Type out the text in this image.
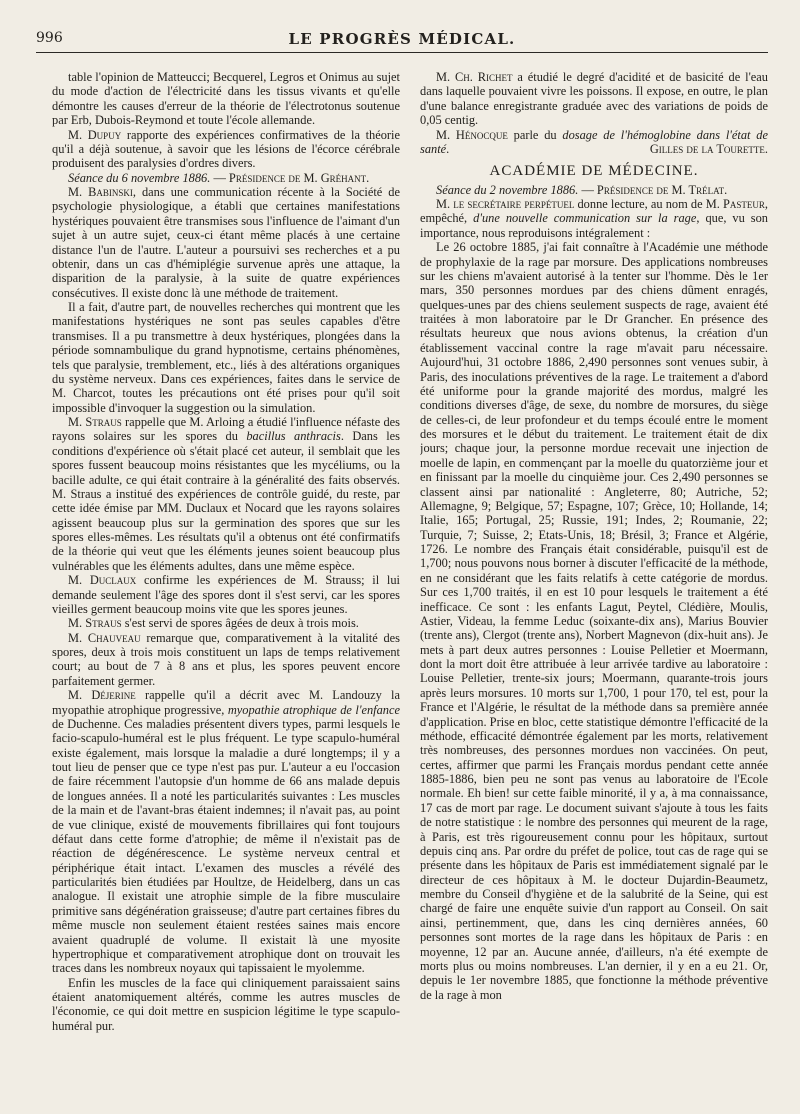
996	LE PROGRÈS MÉDICAL.

table l'opinion de Matteucci; Becquerel, Legros et Onimus au sujet du mode d'action de l'électricité dans les tissus vivants et qu'elle démontre les causes d'erreur de la théorie de l'électrotonus soutenue par Erb, Dubois-Reymond et toute l'école allemande.

M. Dupuy rapporte des expériences confirmatives de la théorie qu'il a déjà soutenue, à savoir que les lésions de l'écorce cérébrale produisent des paralysies d'ordres divers.

Séance du 6 novembre 1886. — Présidence de M. Gréhant.

M. Babinski, dans une communication récente à la Société de psychologie physiologique, a établi que certaines manifestations hystériques pouvaient être transmises sous l'influence de l'aimant d'un sujet à un autre sujet, ceux-ci étant même placés à une certaine distance l'un de l'autre. L'auteur a poursuivi ses recherches et a pu obtenir, dans un cas d'hémiplégie survenue après une attaque, la disparition de la paralysie, à la suite de quatre expériences consécutives. Il existe donc là une méthode de traitement.

Il a fait, d'autre part, de nouvelles recherches qui montrent que les manifestations hystériques ne sont pas seules capables d'être transmises. Il a pu transmettre à deux hystériques, plongées dans la période somnambulique du grand hypnotisme, certains phénomènes, tels que paralysie, tremblement, etc., liés à des altérations organiques du système nerveux. Dans ces expériences, faites dans le service de M. Charcot, toutes les précautions ont été prises pour qu'il soit impossible d'invoquer la suggestion ou la simulation.

M. Straus rappelle que M. Arloing a étudié l'influence néfaste des rayons solaires sur les spores du bacillus anthracis. Dans les conditions d'expérience où s'était placé cet auteur, il semblait que les spores fussent beaucoup moins résistantes que les mycéliums, ou la bacille adulte, ce qui était contraire à la généralité des faits observés. M. Straus a institué des expériences de contrôle guidé, du reste, par cette idée émise par MM. Duclaux et Nocard que les rayons solaires agissent beaucoup plus sur la germination des spores que sur les spores elles-mêmes. Les résultats qu'il a obtenus ont été confirmatifs de la théorie qui veut que les éléments jeunes soient beaucoup plus vulnérables que les éléments adultes, dans une même espèce.

M. Duclaux confirme les expériences de M. Strauss; il lui demande seulement l'âge des spores dont il s'est servi, car les spores vieilles germent beaucoup moins vite que les spores jeunes.

M. Straus s'est servi de spores âgées de deux à trois mois.

M. Chauveau remarque que, comparativement à la vitalité des spores, deux à trois mois constituent un laps de temps relativement court; au bout de 7 à 8 ans et plus, les spores peuvent encore parfaitement germer.

M. Déjerine rappelle qu'il a décrit avec M. Landouzy la myopathie atrophique progressive, myopathie atrophique de l'enfance de Duchenne. Ces maladies présentent divers types, parmi lesquels le facio-scapulo-huméral est le plus fréquent. Le type scapulo-huméral existe également, mais lorsque la maladie a duré longtemps; il y a tout lieu de penser que ce type n'est pas pur. L'auteur a eu l'occasion de faire récemment l'autopsie d'un homme de 66 ans malade depuis de longues années. Il a noté les particularités suivantes : Les muscles de la main et de l'avant-bras étaient indemnes; il n'avait pas, au point de vue clinique, existé de mouvements fibrillaires qui font toujours défaut dans cette forme d'atrophie; de même il n'existait pas de réaction de dégénérescence. Le système nerveux central et périphérique était intact. L'examen des muscles a révélé des particularités bien étudiées par Houltze, de Heidelberg, dans un cas analogue. Il existait une atrophie simple de la fibre musculaire primitive sans dégénération graisseuse; d'autre part certaines fibres du même muscle non seulement étaient restées saines mais encore avaient quadruplé de volume. Il existait là une myosite hypertrophique et comparativement atrophique dont on trouvait les traces dans les nombreux noyaux qui tapissaient le myolemme.

Enfin les muscles de la face qui cliniquement paraissaient sains étaient anatomiquement altérés, comme les autres muscles de l'économie, ce qui doit mettre en suspicion légitime le type scapulo-huméral pur.

M. Ch. Richet a étudié le degré d'acidité et de basicité de l'eau dans laquelle pouvaient vivre les poissons. Il expose, en outre, le plan d'une balance enregistrante graduée avec des variations de poids de 0,05 centig.

M. Hénocque parle du dosage de l'hémoglobine dans l'état de santé.	Gilles de la Tourette.

ACADÉMIE DE MÉDECINE.

Séance du 2 novembre 1886. — Présidence de M. Trélat.

M. le secrétaire perpétuel donne lecture, au nom de M. Pasteur, empêché, d'une nouvelle communication sur la rage, que, vu son importance, nous reproduisons intégralement :

Le 26 octobre 1885, j'ai fait connaître à l'Académie une méthode de prophylaxie de la rage par morsure. Des applications nombreuses sur les chiens m'avaient autorisé à la tenter sur l'homme. Dès le 1er mars, 350 personnes mordues par des chiens dûment enragés, quelques-unes par des chiens seulement suspects de rage, avaient été traitées à mon laboratoire par le Dr Grancher. En présence des résultats heureux que nous avions obtenus, la création d'un établissement vaccinal contre la rage m'avait paru nécessaire. Aujourd'hui, 31 octobre 1886, 2,490 personnes sont venues subir, à Paris, des inoculations préventives de la rage. Le traitement a d'abord été uniforme pour la grande majorité des mordus, malgré les conditions diverses d'âge, de sexe, du nombre de morsures, du siège de celles-ci, de leur profondeur et du temps écoulé entre le moment des morsures et le début du traitement. Le traitement était de dix jours; chaque jour, la personne mordue recevait une injection de moelle de lapin, en commençant par la moelle du quatorzième jour et en finissant par la moelle du cinquième jour. Ces 2,490 personnes se classent ainsi par nationalité : Angleterre, 80; Autriche, 52; Allemagne, 9; Belgique, 57; Espagne, 107; Grèce, 10; Hollande, 14; Italie, 165; Portugal, 25; Russie, 191; Indes, 2; Roumanie, 22; Turquie, 7; Suisse, 2; Etats-Unis, 18; Brésil, 3; France et Algérie, 1726. Le nombre des Français était considérable, puisqu'il est de 1,700; nous pouvons nous borner à discuter l'efficacité de la méthode, en ne considérant que les faits relatifs à cette catégorie de mordus. Sur ces 1,700 traités, il en est 10 pour lesquels le traitement a été inefficace. Ce sont : les enfants Lagut, Peytel, Clédière, Moulis, Astier, Videau, la femme Leduc (soixante-dix ans), Marius Bouvier (trente ans), Clergot (trente ans), Norbert Magnevon (dix-huit ans). Je mets à part deux autres personnes : Louise Pelletier et Moermann, dont la mort doit être attribuée à leur arrivée tardive au laboratoire : Louise Pelletier, trente-six jours; Moermann, quarante-trois jours après leurs morsures. 10 morts sur 1,700, 1 pour 170, tel est, pour la France et l'Algérie, le résultat de la méthode dans sa première année d'application. Prise en bloc, cette statistique démontre l'efficacité de la méthode, efficacité démontrée également par les morts, relativement très nombreuses, des personnes mordues non vaccinées. On peut, certes, affirmer que parmi les Français mordus pendant cette année 1885-1886, bien peu ne sont pas venus au laboratoire de l'Ecole normale. Eh bien! sur cette faible minorité, il y a, à ma connaissance, 17 cas de mort par rage. Le document suivant s'ajoute à tous les faits de notre statistique : le nombre des personnes qui meurent de la rage, à Paris, est très rigoureusement connu pour les hôpitaux, surtout depuis cinq ans. Par ordre du préfet de police, tout cas de rage qui se présente dans les hôpitaux de Paris est immédiatement signalé par le directeur de ces hôpitaux à M. le docteur Dujardin-Beaumetz, membre du Conseil d'hygiène et de la salubrité de la Seine, qui est chargé de faire une enquête suivie d'un rapport au Conseil. On sait ainsi, pertinemment, que, dans les cinq dernières années, 60 personnes sont mortes de la rage dans les hôpitaux de Paris : en moyenne, 12 par an. Aucune année, d'ailleurs, n'a été exempte de morts plus ou moins nombreuses. L'an dernier, il y en a eu 21. Or, depuis le 1er novembre 1885, que fonctionne la méthode préventive de la rage à mon
